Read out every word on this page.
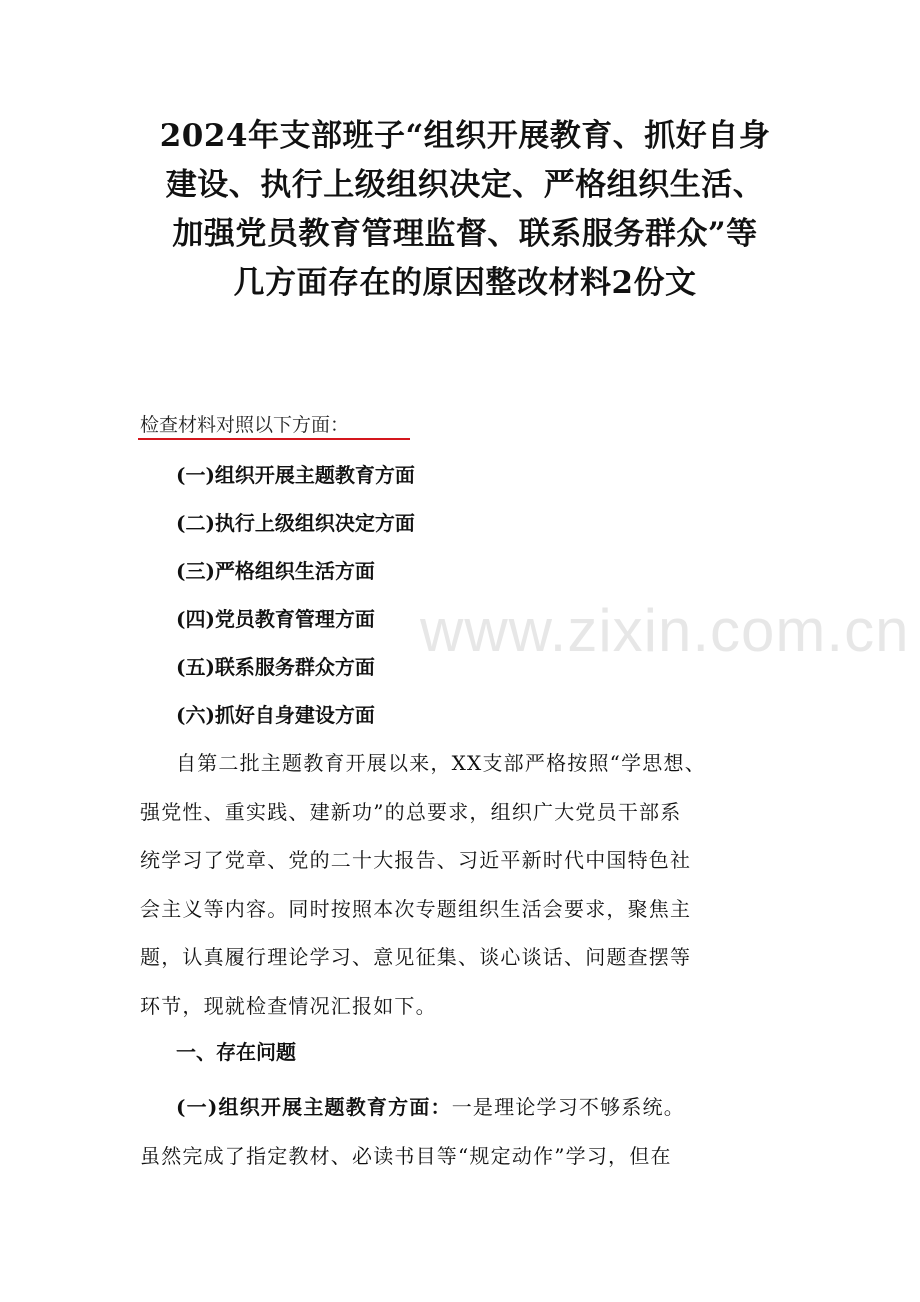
2024年支部班子“组织开展教育、抓好自身
建设、执行上级组织决定、严格组织生活、
加强党员教育管理监督、联系服务群众”等
几方面存在的原因整改材料2份文
检查材料对照以下方面：
(一)组织开展主题教育方面
(二)执行上级组织决定方面
(三)严格组织生活方面
(四)党员教育管理方面
(五)联系服务群众方面
(六)抓好自身建设方面
自第二批主题教育开展以来，XX支部严格按照“学思想、
强党性、重实践、建新功”的总要求，组织广大党员干部系
统学习了党章、党的二十大报告、习近平新时代中国特色社
会主义等内容。同时按照本次专题组织生活会要求，聚焦主
题，认真履行理论学习、意见征集、谈心谈话、问题查摆等
环节，现就检查情况汇报如下。
一、存在问题
(一)组织开展主题教育方面：一是理论学习不够系统。
虽然完成了指定教材、必读书目等“规定动作”学习，但在
www.zixin.com.cn
